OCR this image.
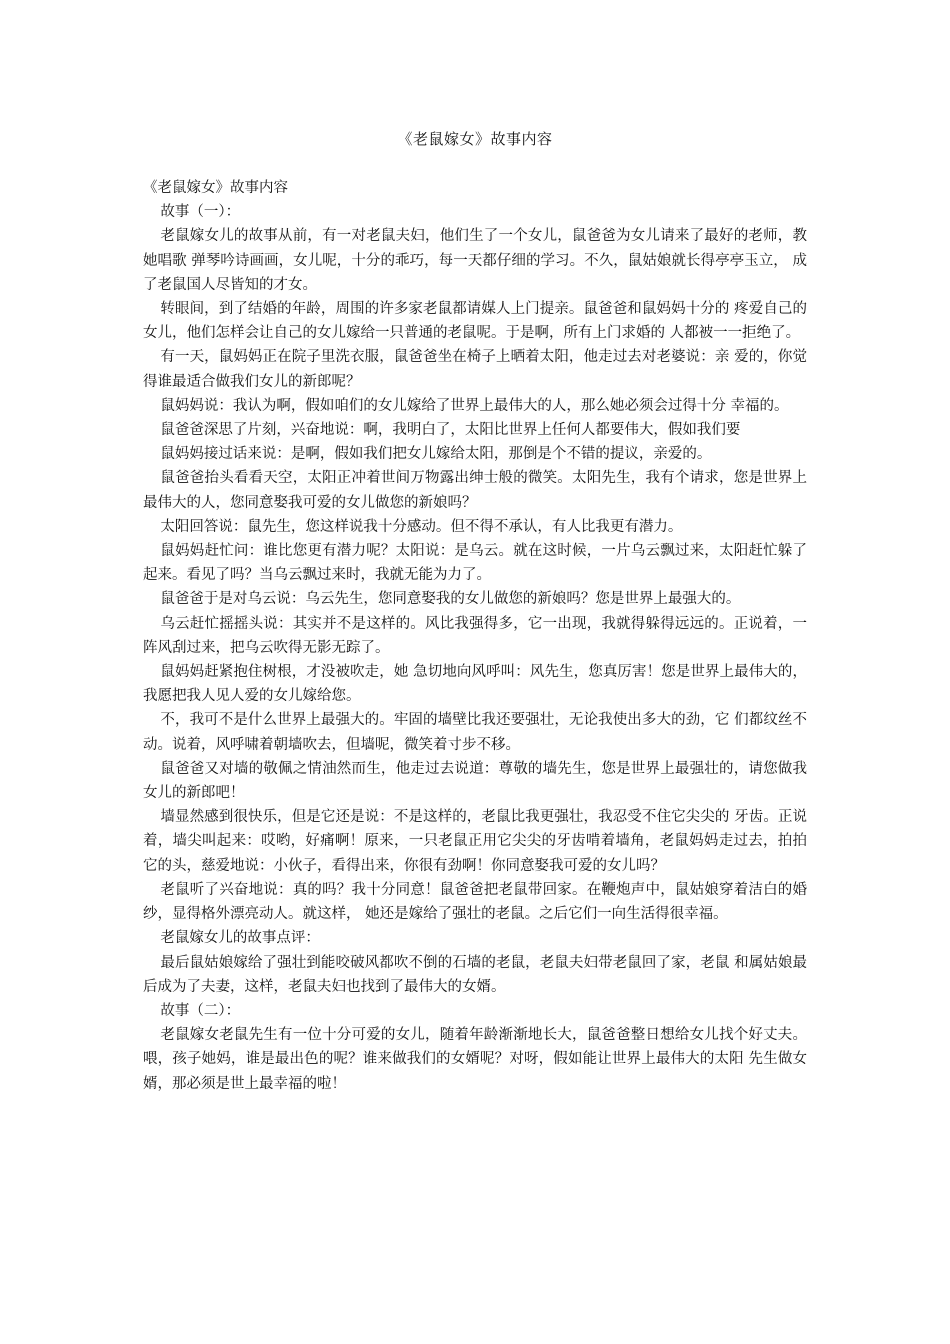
《老鼠嫁女》故事内容

《老鼠嫁女》故事内容

故事（一）：

老鼠嫁女儿的故事从前，有一对老鼠夫妇，他们生了一个女儿，鼠爸爸为女儿请来了最好的老师，教她唱歌 弹琴吟诗画画，女儿呢，十分的乖巧，每一天都仔细的学习。不久，鼠姑娘就长得亭亭玉立， 成了老鼠国人尽皆知的才女。

转眼间，到了结婚的年龄，周围的许多家老鼠都请媒人上门提亲。鼠爸爸和鼠妈妈十分的 疼爱自己的女儿，他们怎样会让自己的女儿嫁给一只普通的老鼠呢。于是啊，所有上门求婚的 人都被一一拒绝了。

有一天，鼠妈妈正在院子里洗衣服，鼠爸爸坐在椅子上晒着太阳，他走过去对老婆说：亲 爱的，你觉得谁最适合做我们女儿的新郎呢？

鼠妈妈说：我认为啊，假如咱们的女儿嫁给了世界上最伟大的人，那么她必须会过得十分 幸福的。

鼠爸爸深思了片刻，兴奋地说：啊，我明白了，太阳比世界上任何人都要伟大，假如我们要

鼠妈妈接过话来说：是啊，假如我们把女儿嫁给太阳，那倒是个不错的提议，亲爱的。

鼠爸爸抬头看看天空，太阳正冲着世间万物露出绅士般的微笑。太阳先生，我有个请求，您是世界上最伟大的人，您同意娶我可爱的女儿做您的新娘吗？

太阳回答说：鼠先生，您这样说我十分感动。但不得不承认，有人比我更有潜力。

鼠妈妈赶忙问：谁比您更有潜力呢？太阳说：是乌云。就在这时候，一片乌云飘过来，太阳赶忙躲了起来。看见了吗？当乌云飘过来时，我就无能为力了。

鼠爸爸于是对乌云说：乌云先生，您同意娶我的女儿做您的新娘吗？您是世界上最强大的。

乌云赶忙摇摇头说：其实并不是这样的。风比我强得多，它一出现，我就得躲得远远的。正说着，一阵风刮过来，把乌云吹得无影无踪了。

鼠妈妈赶紧抱住树根，才没被吹走，她 急切地向风呼叫：风先生，您真厉害！您是世界上最伟大的，我愿把我人见人爱的女儿嫁给您。

不，我可不是什么世界上最强大的。牢固的墙壁比我还要强壮，无论我使出多大的劲，它 们都纹丝不动。说着，风呼啸着朝墙吹去，但墙呢，微笑着寸步不移。

鼠爸爸又对墙的敬佩之情油然而生，他走过去说道：尊敬的墙先生，您是世界上最强壮的，请您做我女儿的新郎吧！

墙显然感到很快乐，但是它还是说：不是这样的，老鼠比我更强壮，我忍受不住它尖尖的 牙齿。正说着，墙尖叫起来：哎哟，好痛啊！原来，一只老鼠正用它尖尖的牙齿啃着墙角，老鼠妈妈走过去，拍拍它的头，慈爱地说：小伙子，看得出来，你很有劲啊！你同意娶我可爱的女儿吗？

老鼠听了兴奋地说：真的吗？我十分同意！鼠爸爸把老鼠带回家。在鞭炮声中，鼠姑娘穿着洁白的婚纱，显得格外漂亮动人。就这样， 她还是嫁给了强壮的老鼠。之后它们一向生活得很幸福。

老鼠嫁女儿的故事点评：

最后鼠姑娘嫁给了强壮到能咬破风都吹不倒的石墙的老鼠，老鼠夫妇带老鼠回了家，老鼠 和属姑娘最后成为了夫妻，这样，老鼠夫妇也找到了最伟大的女婿。

故事（二）：

老鼠嫁女老鼠先生有一位十分可爱的女儿，随着年龄渐渐地长大，鼠爸爸整日想给女儿找个好丈夫。 喂，孩子她妈，谁是最出色的呢？谁来做我们的女婿呢？对呀，假如能让世界上最伟大的太阳 先生做女婿，那必须是世上最幸福的啦！
